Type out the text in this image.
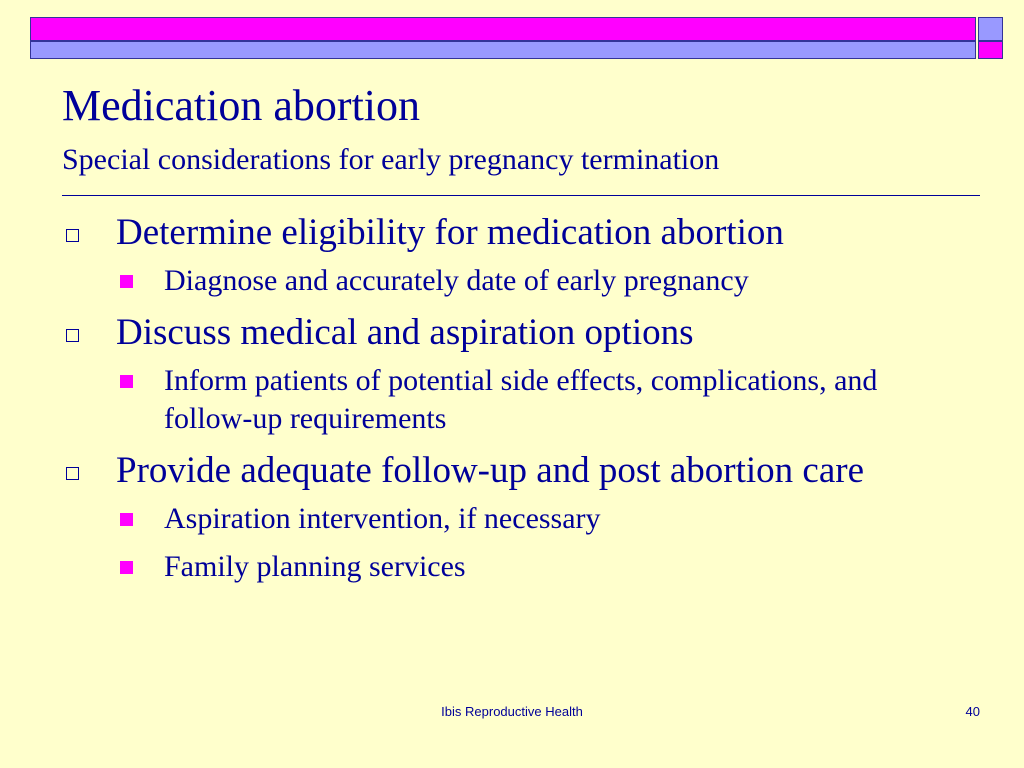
Medication abortion
Special considerations for early pregnancy termination
Determine eligibility for medication abortion
Diagnose and accurately date of early pregnancy
Discuss medical and aspiration options
Inform patients of potential side effects, complications, and follow-up requirements
Provide adequate follow-up and post abortion care
Aspiration intervention, if necessary
Family planning services
Ibis Reproductive Health	40
